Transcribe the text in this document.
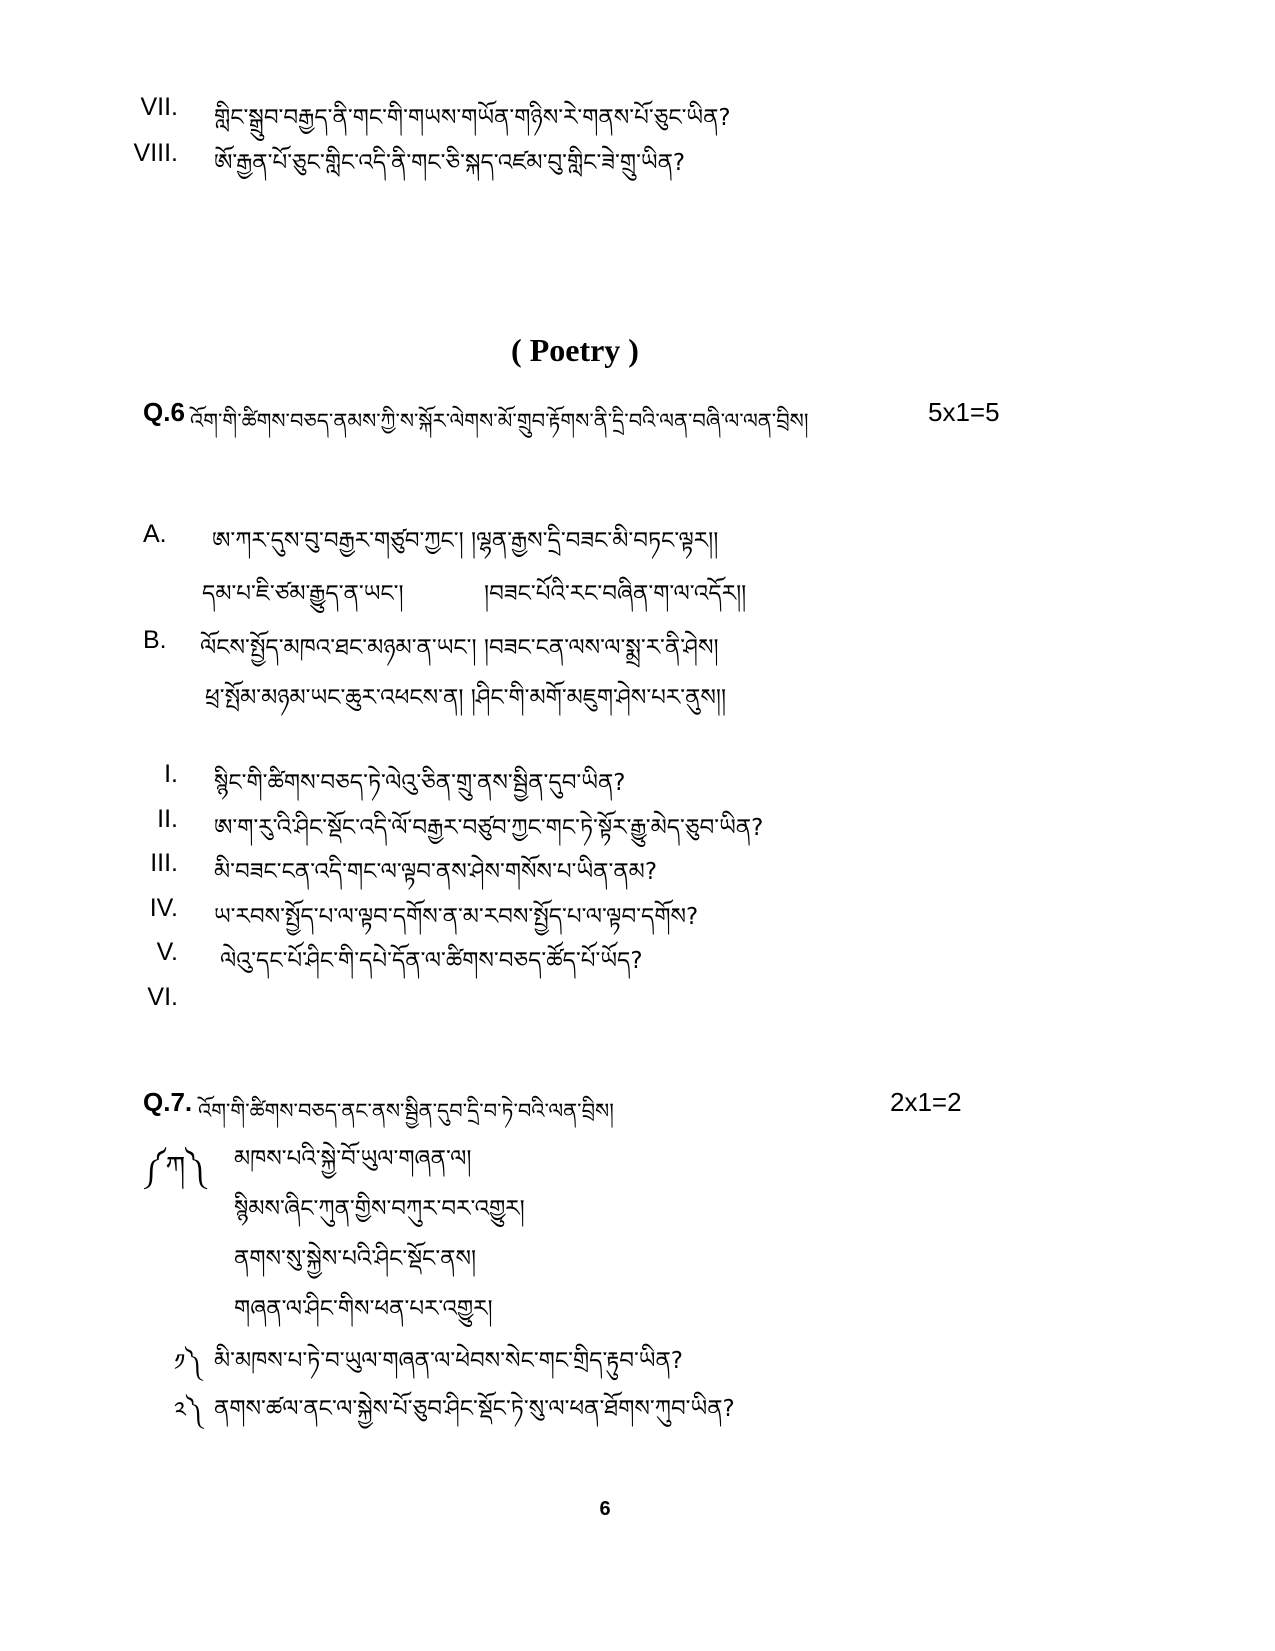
VII. གླིང་སྒྲུབ་བརྒྱད་ནི་གང་གི་གཡས་གཡོན་གཉིས་རེ་གནས་པོ་ཅུང་ཡིན?
VIII. ཨོ་རྒྱན་པོ་ཅུང་གླིང་འདི་ནི་གང་ཅི་སྐད་འཛམ་བུ་གླིང་ཟེ་གྲུ་ཡིན?
( Poetry )
Q.6 འོག་གི་ཚིགས་བཅད་ནམས་ཀྱི་ས་སྐོར་ལེགས་མོ་གྲུབ་རྟོགས་ནི་དྲི་བའི་ལན་བཞི་ལ་ལན་བྲིས།	5x1=5
A. ཨ་ཀར་དུས་བུ་བརྒྱར་གཙུབ་ཀྱང་། །ལྷན་རྒྱས་དྲི་བཟང་མི་བཏང་ལྟར།།
དམ་པ་ཇི་ཙམ་རྒྱུད་ན་ཡང་།           །བཟང་པོའི་རང་བཞིན་ག་ལ་འདོར།།
B. ལོངས་སྤྱོད་མཁའ་ཐང་མཉམ་ན་ཡང་། །བཟང་ངན་ལས་ལ་སྨྲ་ར་ནི་ཤེས།
ཕྲ་སྤོམ་མཉམ་ཡང་ཆུར་འཕངས་ན། །ཤིང་གི་མགོ་མཇུག་ཤེས་པར་ནུས།།
I. སྙིང་གི་ཚིགས་བཅད་ཏེ་ལེའུ་ཅིན་གྲུ་ནས་སྦྱིན་དུབ་ཡིན?
II. ཨ་ག་རུ་འི་ཤིང་སྡོང་འདི་ལོ་བརྒྱར་བཙུབ་ཀྱང་གང་ཏེ་སྟོར་རྒྱུ་མེད་ཅུབ་ཡིན?
III. མི་བཟང་ངན་འདི་གང་ལ་ལྟབ་ནས་ཤེས་གསོས་པ་ཡིན་ནམ?
IV. ཡ་རབས་སྤྱོད་པ་ལ་ལྟབ་དགོས་ན་མ་རབས་སྤྱོད་པ་ལ་ལྟབ་དགོས?
V. ལེའུ་དང་པོ་ཤིང་གི་དཔེ་དོན་ལ་ཚིགས་བཅད་ཚོད་པོ་ཡོད?
VI.
Q.7. འོག་གི་ཚིགས་བཅད་ནང་ནས་སྦྱིན་དུབ་དྲི་བ་ཏེ་བའི་ལན་བྲིས།	2x1=2
༼ཀ༽ མཁས་པའི་སྐྱེ་བོ་ཡུལ་གཞན་ལ།
སྙིམས་ཞིང་ཀུན་གྱིས་བཀུར་བར་འགྱུར།
ནགས་སུ་སྐྱེས་པའི་ཤིང་སྡོང་ནས།
གཞན་ལ་ཤིང་གིས་ཕན་པར་འགྱུར།
༡༽ མི་མཁས་པ་ཏེ་བ་ཡུལ་གཞན་ལ་ཕེབས་སེང་གང་གྲིད་རྟུབ་ཡིན?
༢༽ ནགས་ཚལ་ནང་ལ་སྐྱེས་པོ་ཅུབ་ཤིང་སྡོང་ཏེ་སུ་ལ་ཕན་ཐོགས་ཀུབ་ཡིན?
6
